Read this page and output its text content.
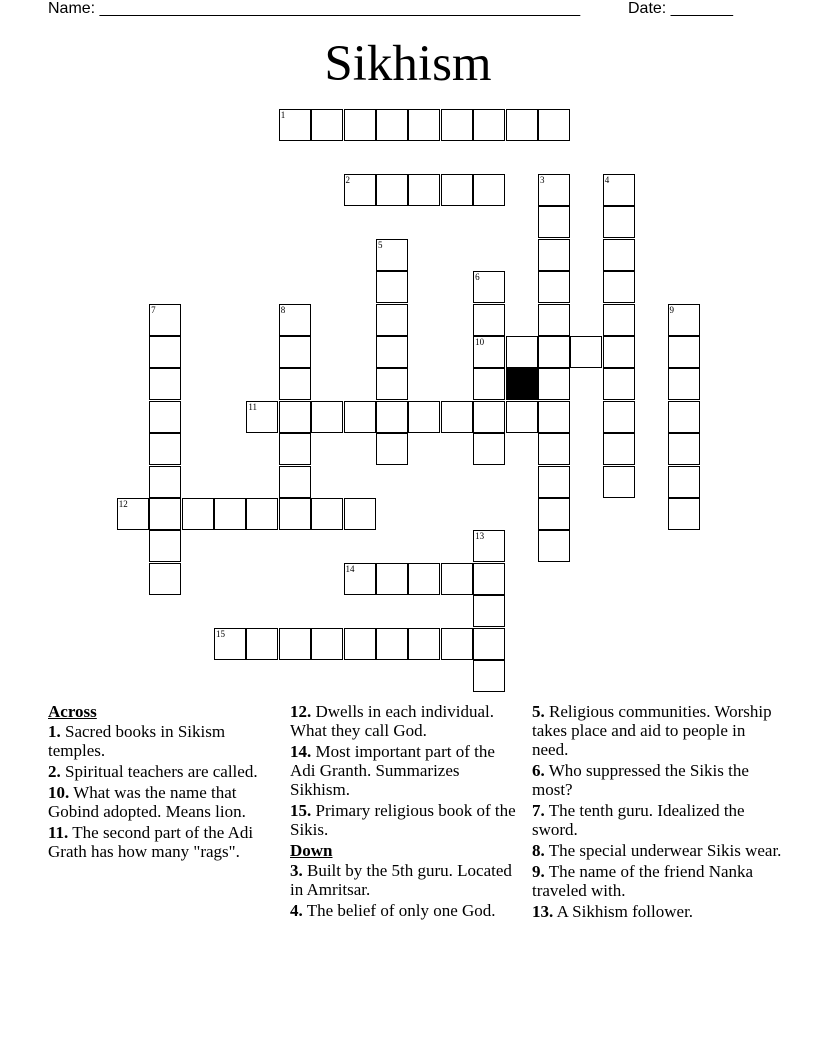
Name: ______________________________________________________	Date: _______
Sikhism
1
2	3	4
5
6
10
7	8	9
11
12
13
14
15
Across
1. Sacred books in Sikism temples.
2. Spiritual teachers are called.
10. What was the name that Gobind adopted. Means lion.
11. The second part of the Adi Grath has how many "rags".
12. Dwells in each individual. What they call God.
14. Most important part of the Adi Granth. Summarizes Sikhism.
15. Primary religious book of the Sikis.
Down
3. Built by the 5th guru. Located in Amritsar.
4. The belief of only one God.
5. Religious communities. Worship takes place and aid to people in need.
6. Who suppressed the Sikis the most?
7. The tenth guru. Idealized the sword.
8. The special underwear Sikis wear.
9. The name of the friend Nanka traveled with.
13. A Sikhism follower.
